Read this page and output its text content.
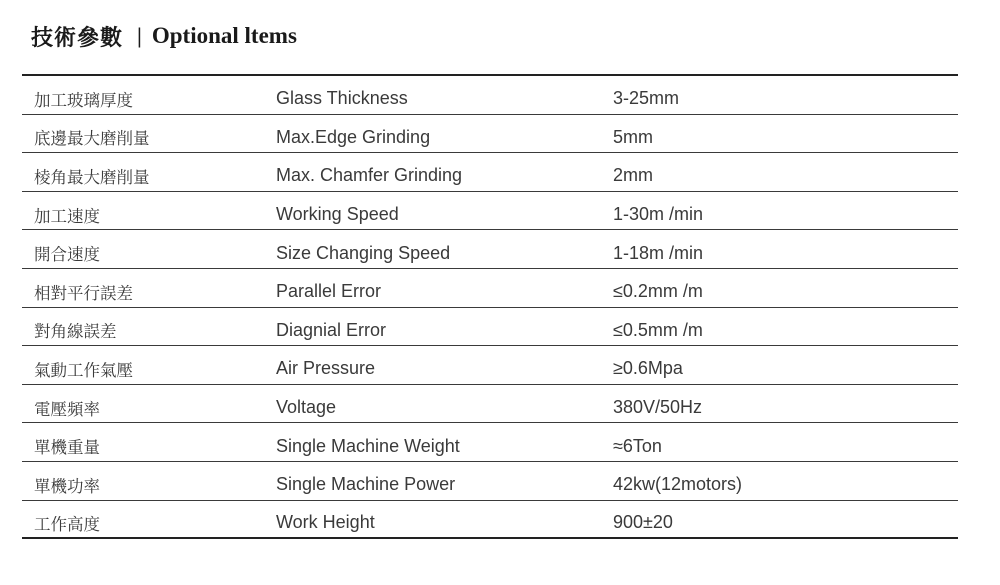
技術參數 | Optional ltems
加工玻璃厚度	Glass Thickness	3-25mm
底邊最大磨削量	Max.Edge Grinding	5mm
棱角最大磨削量	Max. Chamfer Grinding	2mm
加工速度	Working Speed	1-30m /min
開合速度	Size Changing Speed	1-18m /min
相對平行誤差	Parallel Error	≤0.2mm /m
對角線誤差	Diagnial Error	≤0.5mm /m
氣動工作氣壓	Air Pressure	≥0.6Mpa
電壓頻率	Voltage	380V/50Hz
單機重量	Single Machine Weight	≈6Ton
單機功率	Single Machine Power	42kw(12motors)
工作高度	Work Height	900±20
